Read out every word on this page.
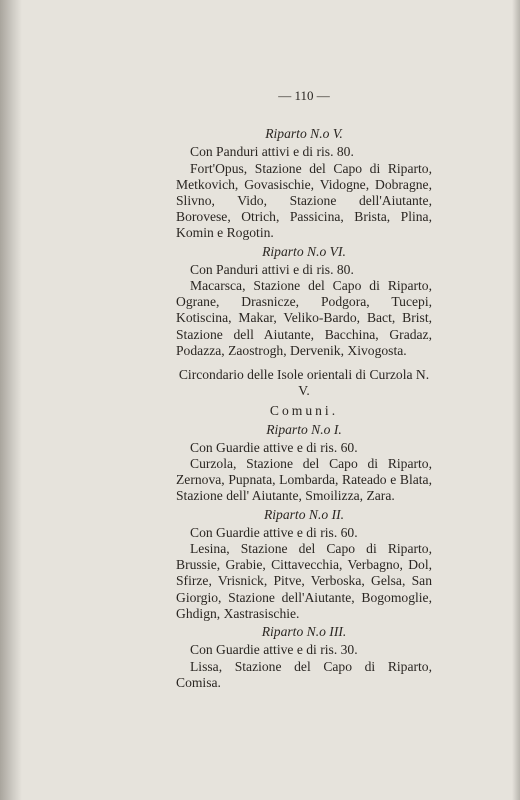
— 110 —
Riparto N.o V.

Con Panduri attivi e di ris. 80.

Fort'Opus, Stazione del Capo di Riparto, Metkovich, Govasischie, Vidogne, Dobragne, Slivno, Vido, Stazione dell'Aiutante, Borovese, Otrich, Passicina, Brista, Plina, Komin e Rogotin.

Riparto N.o VI.

Con Panduri attivi e di ris. 80.

Macarsca, Stazione del Capo di Riparto, Ograne, Drasnicze, Podgora, Tucepi, Kotiscina, Makar, Veliko-Bardo, Bact, Brist, Stazione dell Aiutante, Bacchina, Gradaz, Podazza, Zaostrogh, Dervenik, Xivogosta.

Circondario delle Isole orientali di Curzola N. V.

Comuni.

Riparto N.o I.

Con Guardie attive e di ris. 60.

Curzola, Stazione del Capo di Riparto, Zernova, Pupnata, Lombarda, Rateado e Blata, Stazione dell' Aiutante, Smoilizza, Zara.

Riparto N.o II.

Con Guardie attive e di ris. 60.

Lesina, Stazione del Capo di Riparto, Brussie, Grabie, Cittavecchia, Verbagno, Dol, Sfirze, Vrisnick, Pitve, Verboska, Gelsa, San Giorgio, Stazione dell'Aiutante, Bogomoglie, Ghdign, Xastrasischie.

Riparto N.o III.

Con Guardie attive e di ris. 30.

Lissa, Stazione del Capo di Riparto, Comisa.
